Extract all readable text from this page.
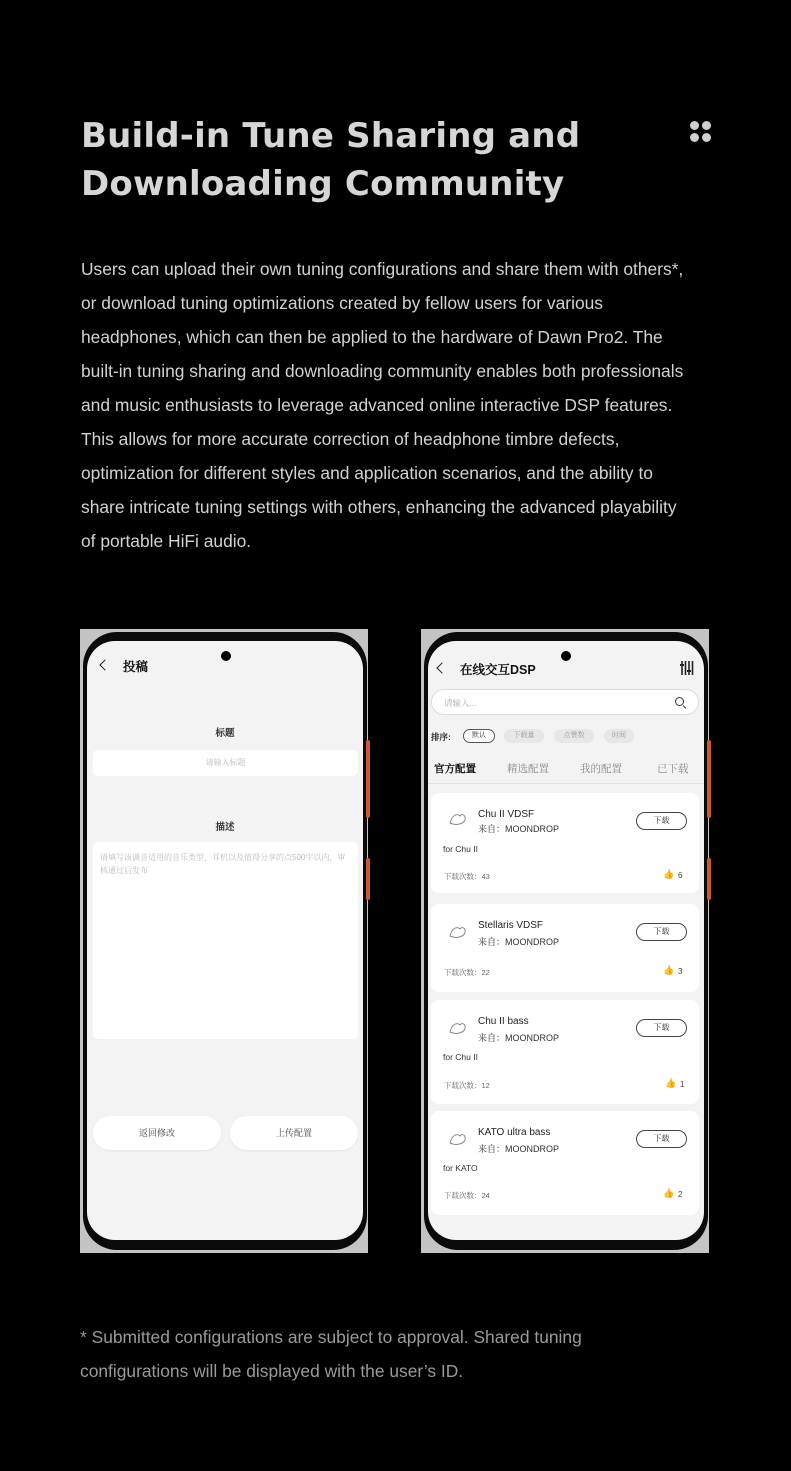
Build-in Tune Sharing and
Downloading Community
Users can upload their own tuning configurations and share them with others*,
or download tuning optimizations created by fellow users for various
headphones, which can then be applied to the hardware of Dawn Pro2. The
built-in tuning sharing and downloading community enables both professionals
and music enthusiasts to leverage advanced online interactive DSP features.
This allows for more accurate correction of headphone timbre defects,
optimization for different styles and application scenarios, and the ability to
share intricate tuning settings with others, enhancing the advanced playability
of portable HiFi audio.
投稿
标题
请输入标题
描述
请填写该调音适用的音乐类型、耳机以及值得分享的点500字以内，审核通过后发布
返回修改	上传配置
在线交互DSP
请输入...
排序:	默认	下载量	点赞数	时间
官方配置	精选配置	我的配置	已下载
Chu II VDSF
来自：MOONDROP
下载
for Chu II
下载次数：43	👍 6
Stellaris VDSF
来自：MOONDROP
下载
下载次数：22	👍 3
Chu II bass
来自：MOONDROP
下载
for Chu II
下载次数：12	👍 1
KATO ultra bass
来自：MOONDROP
下载
for KATO
下载次数：24	👍 2
* Submitted configurations are subject to approval. Shared tuning
configurations will be displayed with the user’s ID.
